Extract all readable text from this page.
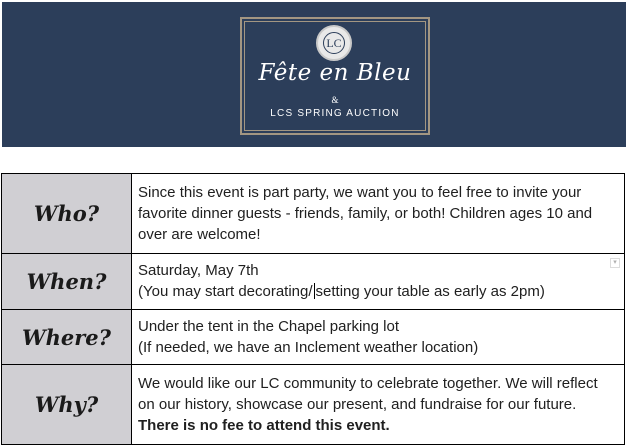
LC
Fête en Bleu
&
LCS SPRING AUCTION
Who?	Since this event is part party, we want you to feel free to invite your favorite dinner guests - friends, family, or both! Children ages 10 and over are welcome!
When?	Saturday, May 7th
(You may start decorating/ setting your table as early as 2pm)
▾

Where?	Under the tent in the Chapel parking lot
(If needed, we have an Inclement weather location)
Why?	We would like our LC community to celebrate together. We will reflect on our history, showcase our present, and fundraise for our future. There is no fee to attend this event.
